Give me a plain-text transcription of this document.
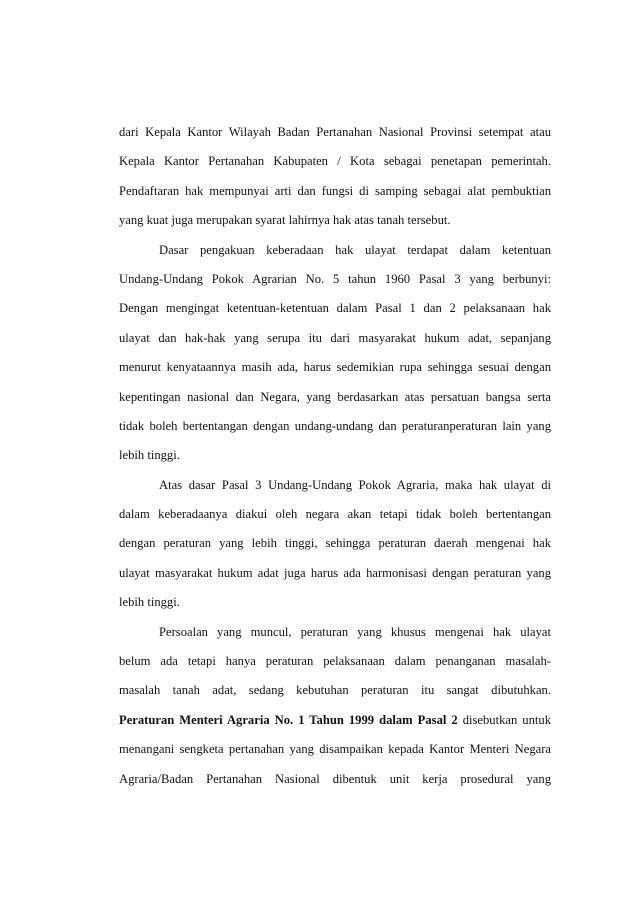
dari Kepala Kantor Wilayah Badan Pertanahan Nasional Provinsi setempat atau
Kepala Kantor Pertanahan Kabupaten / Kota sebagai penetapan pemerintah.
Pendaftaran hak mempunyai arti dan fungsi di samping sebagai alat pembuktian
yang kuat juga merupakan syarat lahirnya hak atas tanah tersebut.
Dasar pengakuan keberadaan hak ulayat terdapat dalam ketentuan
Undang-Undang Pokok Agrarian No. 5 tahun 1960 Pasal 3 yang berbunyi:
Dengan mengingat ketentuan-ketentuan dalam Pasal 1 dan 2 pelaksanaan hak
ulayat dan hak-hak yang serupa itu dari masyarakat hukum adat, sepanjang
menurut kenyataannya masih ada, harus sedemikian rupa sehingga sesuai dengan
kepentingan nasional dan Negara, yang berdasarkan atas persatuan bangsa serta
tidak boleh bertentangan dengan undang-undang dan peraturanperaturan lain yang
lebih tinggi.
Atas dasar Pasal 3 Undang-Undang Pokok Agraria, maka hak ulayat di
dalam keberadaanya diakui oleh negara akan tetapi tidak boleh bertentangan
dengan peraturan yang lebih tinggi, sehingga peraturan daerah mengenai hak
ulayat masyarakat hukum adat juga harus ada harmonisasi dengan peraturan yang
lebih tinggi.
Persoalan yang muncul, peraturan yang khusus mengenai hak ulayat
belum ada tetapi hanya peraturan pelaksanaan dalam penanganan masalah-
masalah tanah adat, sedang kebutuhan peraturan itu sangat dibutuhkan.
Peraturan Menteri Agraria No. 1 Tahun 1999 dalam Pasal 2 disebutkan untuk
menangani sengketa pertanahan yang disampaikan kepada Kantor Menteri Negara
Agraria/Badan Pertanahan Nasional dibentuk unit kerja prosedural yang
